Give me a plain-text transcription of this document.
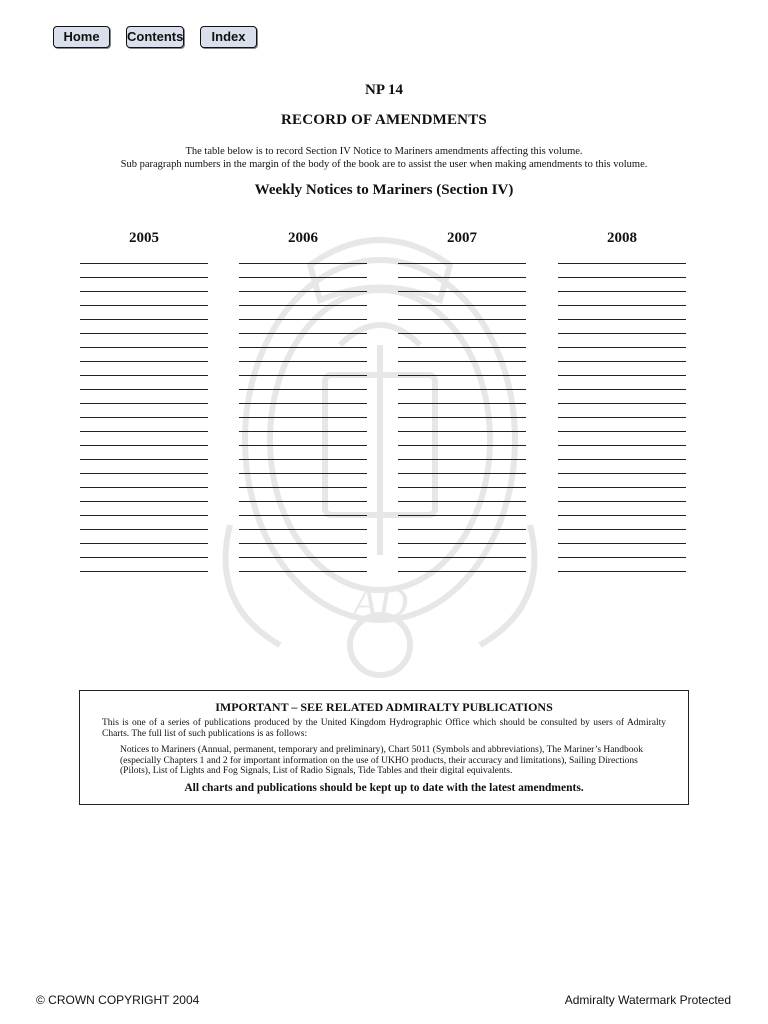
AD
Home	Contents	Index
NP 14
RECORD OF AMENDMENTS
The table below is to record Section IV Notice to Mariners amendments affecting this volume.
Sub paragraph numbers in the margin of the body of the book are to assist the user when making amendments to this volume.
Weekly Notices to Mariners (Section IV)
2005	2006	2007	2008
IMPORTANT – SEE RELATED ADMIRALTY PUBLICATIONS
This is one of a series of publications produced by the United Kingdom Hydrographic Office which should be consulted by users of Admiralty Charts. The full list of such publications is as follows:
Notices to Mariners (Annual, permanent, temporary and preliminary), Chart 5011 (Symbols and abbreviations), The Mariner’s Handbook (especially Chapters 1 and 2 for important information on the use of UKHO products, their accuracy and limitations), Sailing Directions (Pilots), List of Lights and Fog Signals, List of Radio Signals, Tide Tables and their digital equivalents.
All charts and publications should be kept up to date with the latest amendments.
© CROWN COPYRIGHT 2004	Admiralty Watermark Protected
